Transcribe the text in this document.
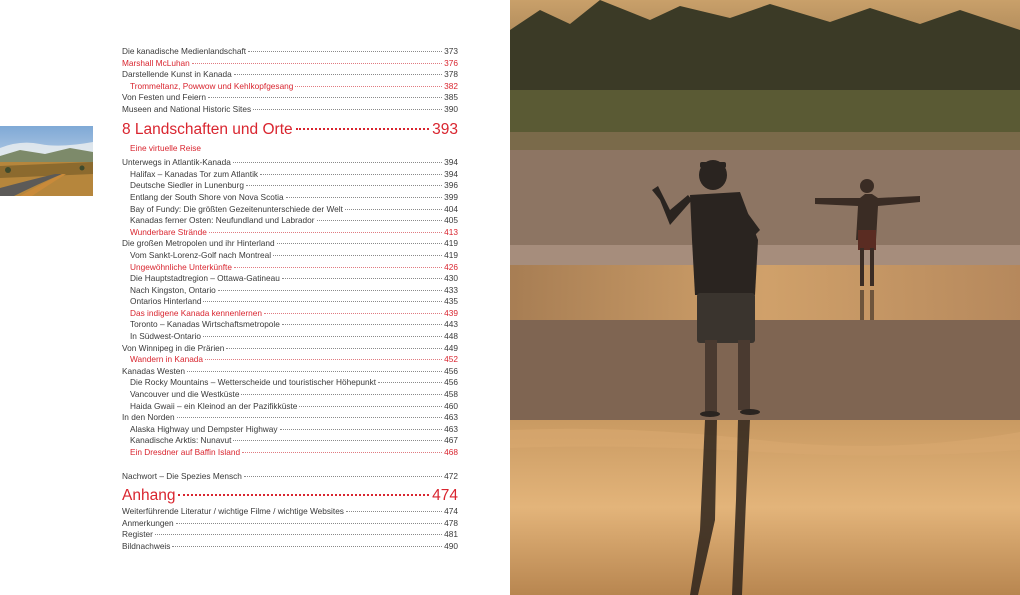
Die kanadische Medienlandschaft	373
Marshall McLuhan	376
Darstellende Kunst in Kanada	378
Trommeltanz, Powwow und Kehlkopfgesang	382
Von Festen und Feiern	385
Museen and National Historic Sites	390
8 Landschaften und Orte	393
Eine virtuelle Reise
Unterwegs in Atlantik-Kanada	394
Halifax – Kanadas Tor zum Atlantik	394
Deutsche Siedler in Lunenburg	396
Entlang der South Shore von Nova Scotia	399
Bay of Fundy: Die größten Gezeitenunterschiede der Welt	404
Kanadas ferner Osten: Neufundland und Labrador	405
Wunderbare Strände	413
Die großen Metropolen und ihr Hinterland	419
Vom Sankt-Lorenz-Golf nach Montreal	419
Ungewöhnliche Unterkünfte	426
Die Hauptstadtregion – Ottawa-Gatineau	430
Nach Kingston, Ontario	433
Ontarios Hinterland	435
Das indigene Kanada kennenlernen	439
Toronto – Kanadas Wirtschaftsmetropole	443
In Südwest-Ontario	448
Von Winnipeg in die Prärien	449
Wandern in Kanada	452
Kanadas Westen	456
Die Rocky Mountains – Wetterscheide und touristischer Höhepunkt	456
Vancouver und die Westküste	458
Haida Gwaii – ein Kleinod an der Pazifikküste	460
In den Norden	463
Alaska Highway und Dempster Highway	463
Kanadische Arktis: Nunavut	467
Ein Dresdner auf Baffin Island	468
Nachwort – Die Spezies Mensch	472
Anhang	474
Weiterführende Literatur / wichtige Filme / wichtige Websites	474
Anmerkungen	478
Register	481
Bildnachweis	490
